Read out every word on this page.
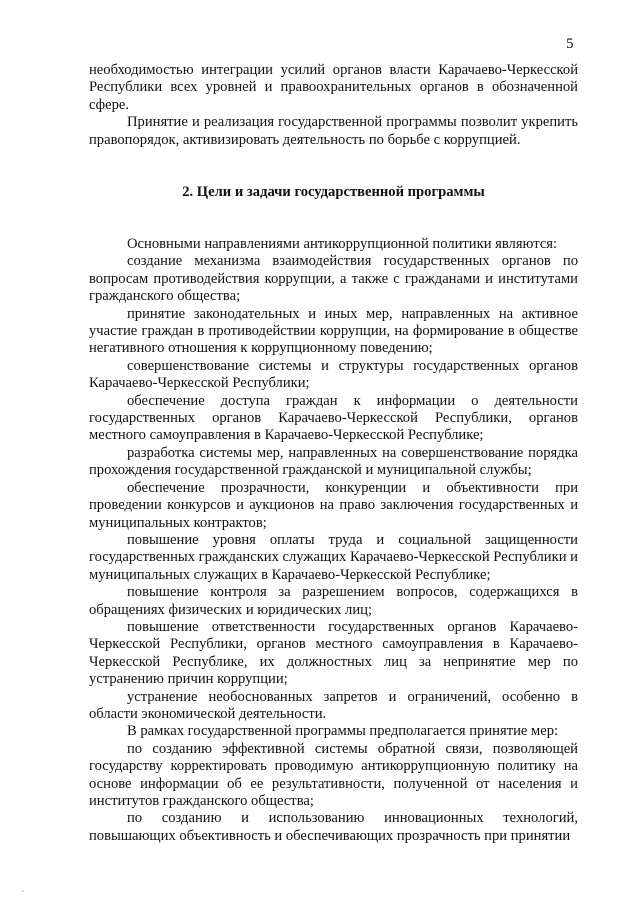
5

необходимостью интеграции усилий органов власти Карачаево-Черкесской Республики всех уровней и правоохранительных органов в обозначенной сфере.

Принятие и реализация государственной программы позволит укрепить правопорядок, активизировать деятельность по борьбе с коррупцией.

2. Цели и задачи государственной программы

Основными направлениями антикоррупционной политики являются:

создание механизма взаимодействия государственных органов по вопросам противодействия коррупции, а также с гражданами и институтами гражданского общества;

принятие законодательных и иных мер, направленных на активное участие граждан в противодействии коррупции, на формирование в обществе негативного отношения к коррупционному поведению;

совершенствование системы и структуры государственных органов Карачаево-Черкесской Республики;

обеспечение доступа граждан к информации о деятельности государственных органов Карачаево-Черкесской Республики, органов местного самоуправления в Карачаево-Черкесской Республике;

разработка системы мер, направленных на совершенствование порядка прохождения государственной гражданской и муниципальной службы;

обеспечение прозрачности, конкуренции и объективности при проведении конкурсов и аукционов на право заключения государственных и муниципальных контрактов;

повышение уровня оплаты труда и социальной защищенности государственных гражданских служащих Карачаево-Черкесской Республики и муниципальных служащих в Карачаево-Черкесской Республике;

повышение контроля за разрешением вопросов, содержащихся в обращениях физических и юридических лиц;

повышение ответственности государственных органов Карачаево-Черкесской Республики, органов местного самоуправления в Карачаево-Черкесской Республике, их должностных лиц за непринятие мер по устранению причин коррупции;

устранение необоснованных запретов и ограничений, особенно в области экономической деятельности.

В рамках государственной программы предполагается принятие мер:

по созданию эффективной системы обратной связи, позволяющей государству корректировать проводимую антикоррупционную политику на основе информации об ее результативности, полученной от населения и институтов гражданского общества;

по созданию и использованию инновационных технологий, повышающих объективность и обеспечивающих прозрачность при принятии
